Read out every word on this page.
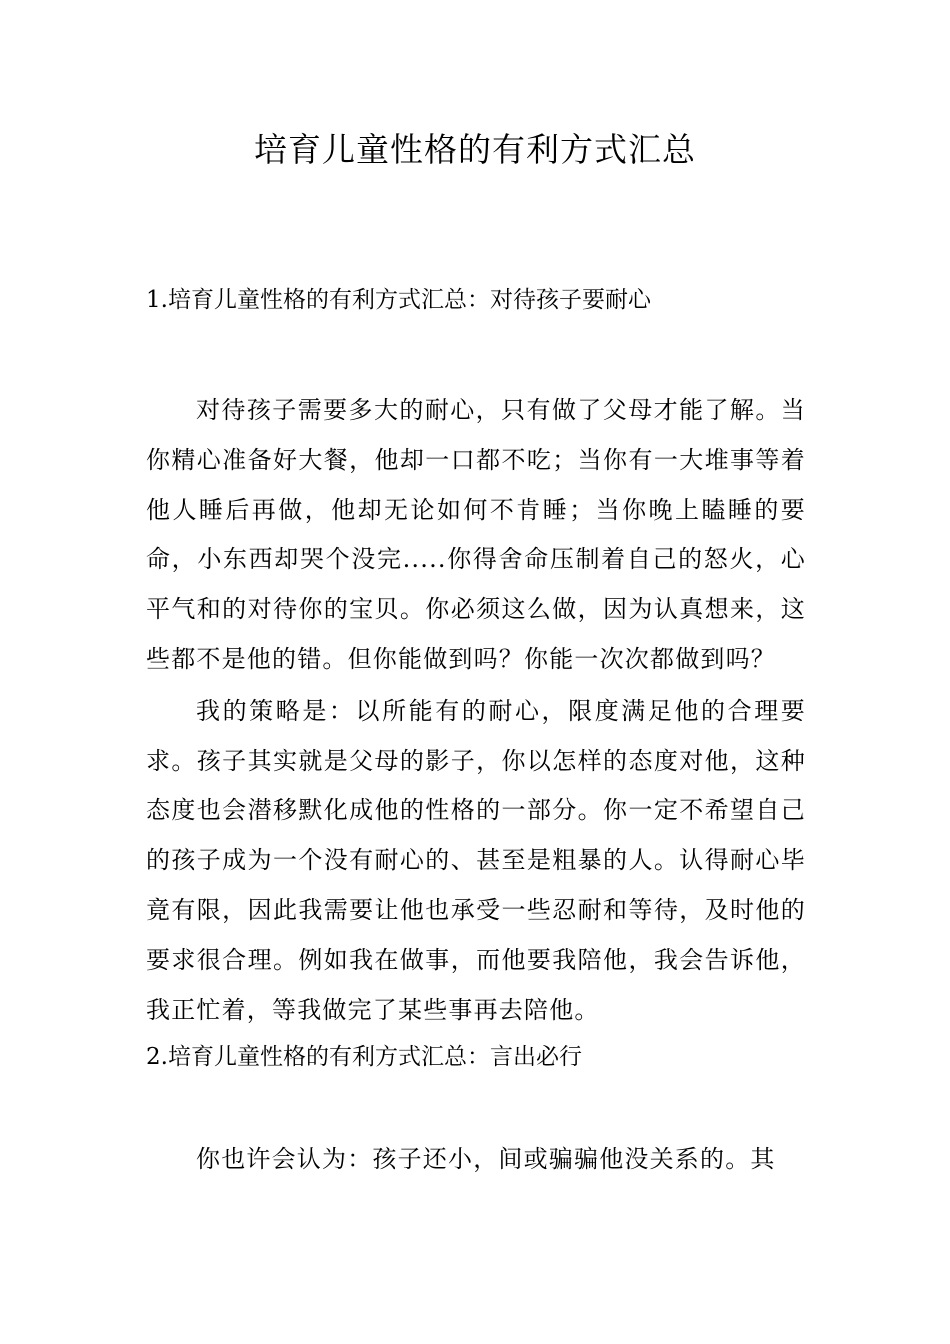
培育儿童性格的有利方式汇总

1.培育儿童性格的有利方式汇总：对待孩子要耐心

对待孩子需要多大的耐心，只有做了父母才能了解。当你精心准备好大餐，他却一口都不吃；当你有一大堆事等着他人睡后再做，他却无论如何不肯睡；当你晚上瞌睡的要命，小东西却哭个没完.....你得舍命压制着自己的怒火，心平气和的对待你的宝贝。你必须这么做，因为认真想来，这些都不是他的错。但你能做到吗？你能一次次都做到吗？

我的策略是：以所能有的耐心，限度满足他的合理要求。孩子其实就是父母的影子，你以怎样的态度对他，这种态度也会潜移默化成他的性格的一部分。你一定不希望自己的孩子成为一个没有耐心的、甚至是粗暴的人。认得耐心毕竟有限，因此我需要让他也承受一些忍耐和等待，及时他的要求很合理。例如我在做事，而他要我陪他，我会告诉他，我正忙着，等我做完了某些事再去陪他。

2.培育儿童性格的有利方式汇总：言出必行

你也许会认为：孩子还小，间或骗骗他没关系的。其
